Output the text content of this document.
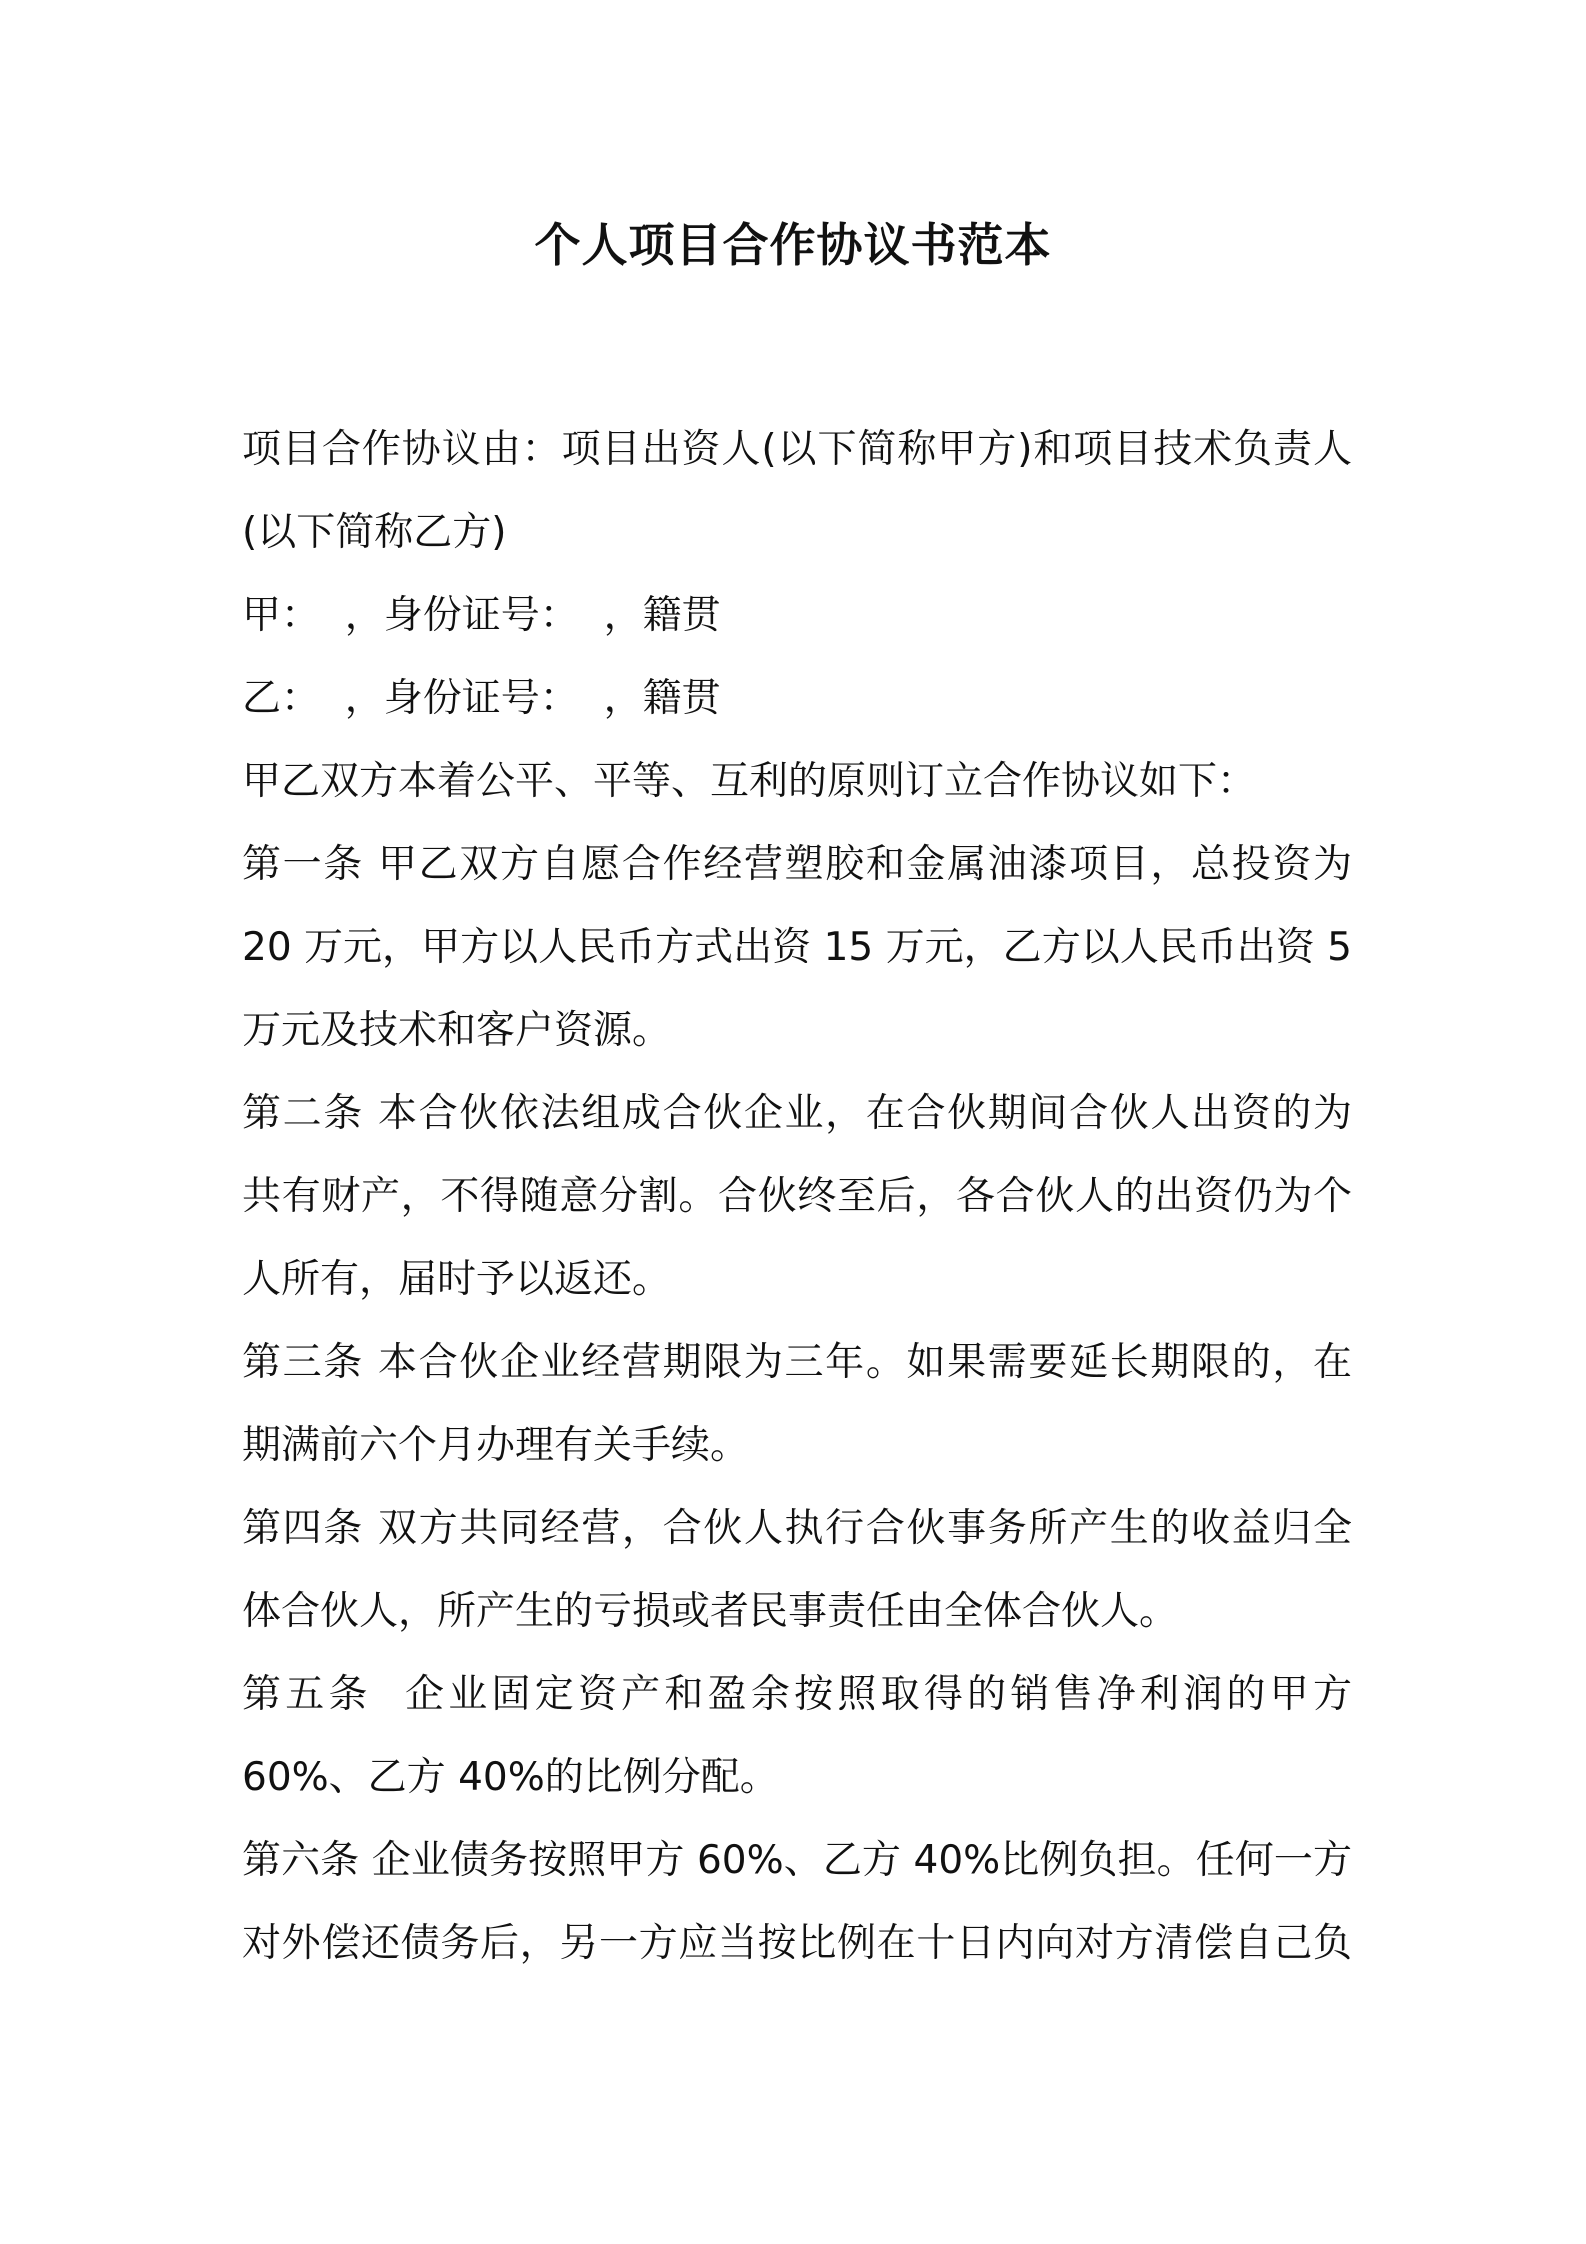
个人项目合作协议书范本
项目合作协议由：项目出资人(以下简称甲方)和项目技术负责人
(以下简称乙方)
甲：  ，身份证号：  ，籍贯
乙：  ，身份证号：  ，籍贯
甲乙双方本着公平、平等、互利的原则订立合作协议如下：
第一条 甲乙双方自愿合作经营塑胶和金属油漆项目，总投资为
20 万元，甲方以人民币方式出资 15 万元，乙方以人民币出资 5
万元及技术和客户资源。
第二条 本合伙依法组成合伙企业，在合伙期间合伙人出资的为
共有财产，不得随意分割。合伙终至后，各合伙人的出资仍为个
人所有，届时予以返还。
第三条 本合伙企业经营期限为三年。如果需要延长期限的，在
期满前六个月办理有关手续。
第四条 双方共同经营，合伙人执行合伙事务所产生的收益归全
体合伙人，所产生的亏损或者民事责任由全体合伙人。
第五条  企业固定资产和盈余按照取得的销售净利润的甲方
60%、乙方 40%的比例分配。
第六条 企业债务按照甲方 60%、乙方 40%比例负担。任何一方
对外偿还债务后，另一方应当按比例在十日内向对方清偿自己负
